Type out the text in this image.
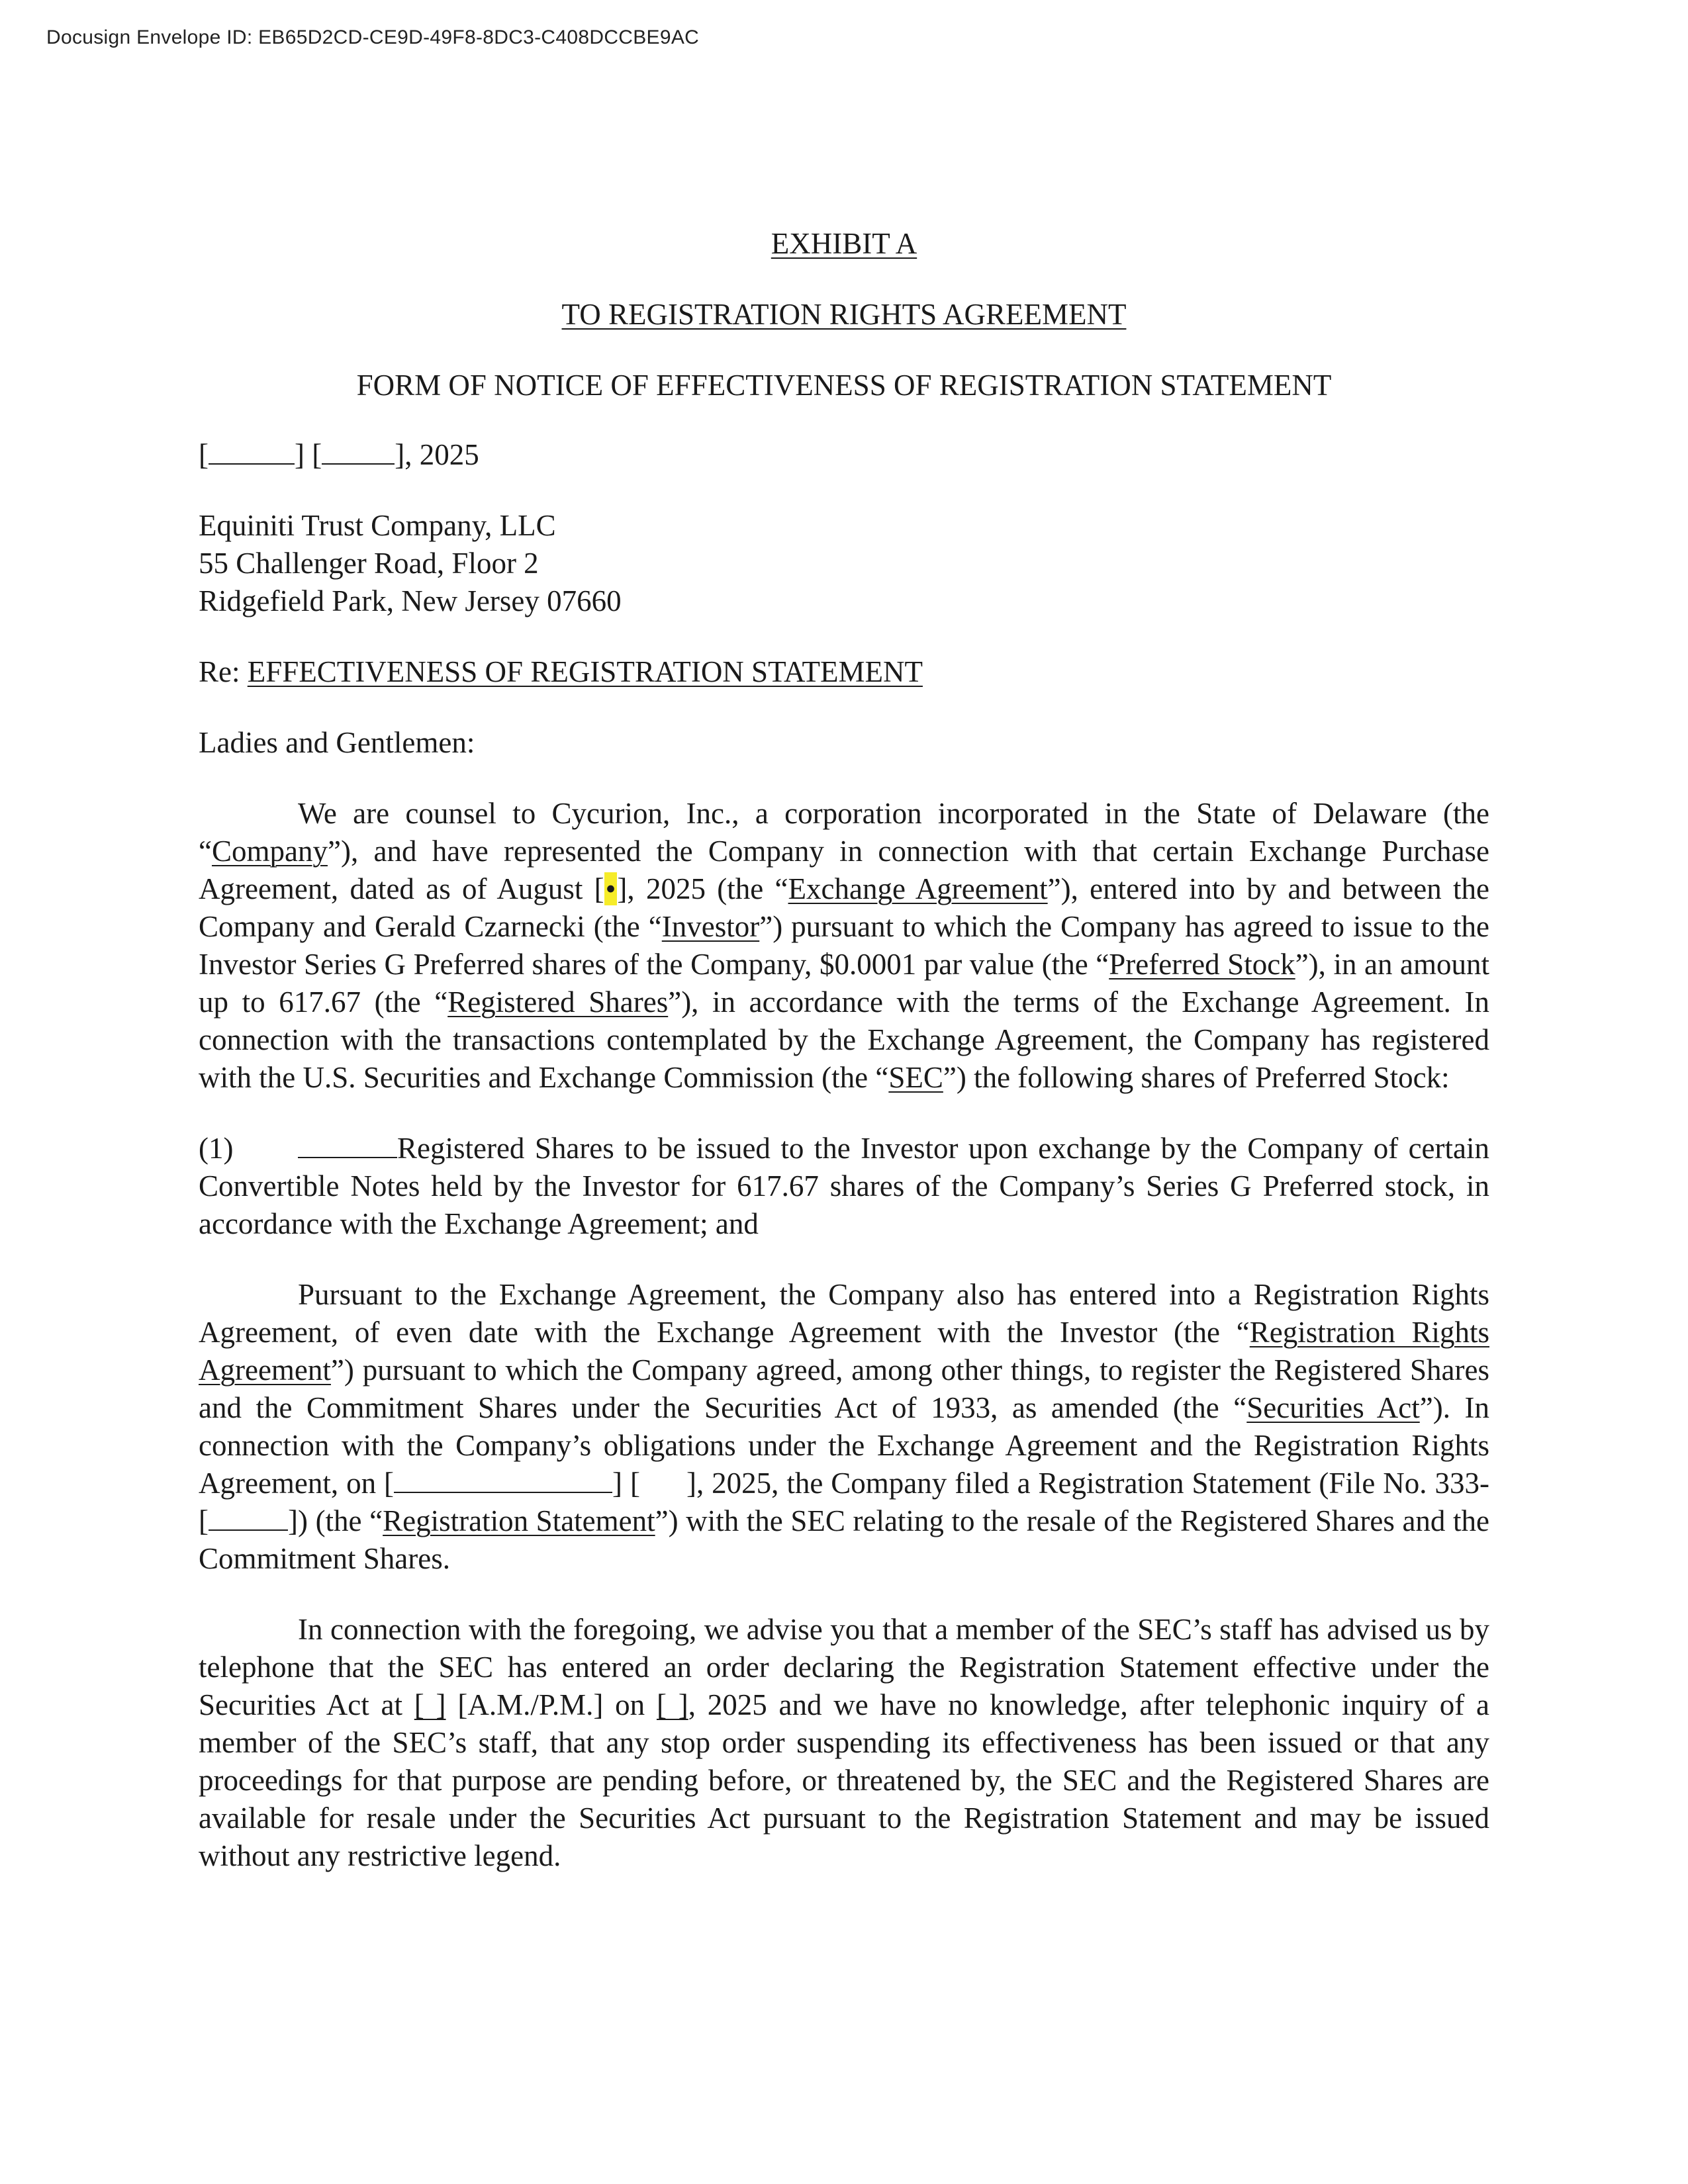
Docusign Envelope ID: EB65D2CD-CE9D-49F8-8DC3-C408DCCBE9AC

EXHIBIT A

TO REGISTRATION RIGHTS AGREEMENT

FORM OF NOTICE OF EFFECTIVENESS OF REGISTRATION STATEMENT

[	] [ ], 2025

Equiniti Trust Company, LLC

55 Challenger Road, Floor 2

Ridgefield Park, New Jersey 07660

Re: EFFECTIVENESS OF REGISTRATION STATEMENT

Ladies and Gentlemen:

We are counsel to Cycurion, Inc., a corporation incorporated in the State of Delaware (the “Company”), and have represented the Company in connection with that certain Exchange Purchase Agreement, dated as of August [•], 2025 (the “Exchange Agreement”), entered into by and between the Company and Gerald Czarnecki (the “Investor”) pursuant to which the Company has agreed to issue to the Investor Series G Preferred shares of the Company, $0.0001 par value (the “Preferred Stock”), in an amount up to 617.67 (the “Registered Shares”), in accordance with the terms of the Exchange Agreement. In connection with the transactions contemplated by the Exchange Agreement, the Company has registered with the U.S. Securities and Exchange Commission (the “SEC”) the following shares of Preferred Stock:

(1)	Registered Shares to be issued to the Investor upon exchange by the Company of certain Convertible Notes held by the Investor for 617.67 shares of the Company’s Series G Preferred stock, in accordance with the Exchange Agreement; and

Pursuant to the Exchange Agreement, the Company also has entered into a Registration Rights Agreement, of even date with the Exchange Agreement with the Investor (the “Registration Rights Agreement”) pursuant to which the Company agreed, among other things, to register the Registered Shares and the Commitment Shares under the Securities Act of 1933, as amended (the “Securities Act”). In connection with the Company’s obligations under the Exchange Agreement and the Registration Rights Agreement, on [	] [ ], 2025, the Company filed a Registration Statement (File No. 333-[	]) (the “Registration Statement”) with the SEC relating to the resale of the Registered Shares and the Commitment Shares.

In connection with the foregoing, we advise you that a member of the SEC’s staff has advised us by telephone that the SEC has entered an order declaring the Registration Statement effective under the Securities Act at [ ] [A.M./P.M.] on [ ], 2025 and we have no knowledge, after telephonic inquiry of a member of the SEC’s staff, that any stop order suspending its effectiveness has been issued or that any proceedings for that purpose are pending before, or threatened by, the SEC and the Registered Shares are available for resale under the Securities Act pursuant to the Registration Statement and may be issued without any restrictive legend.
